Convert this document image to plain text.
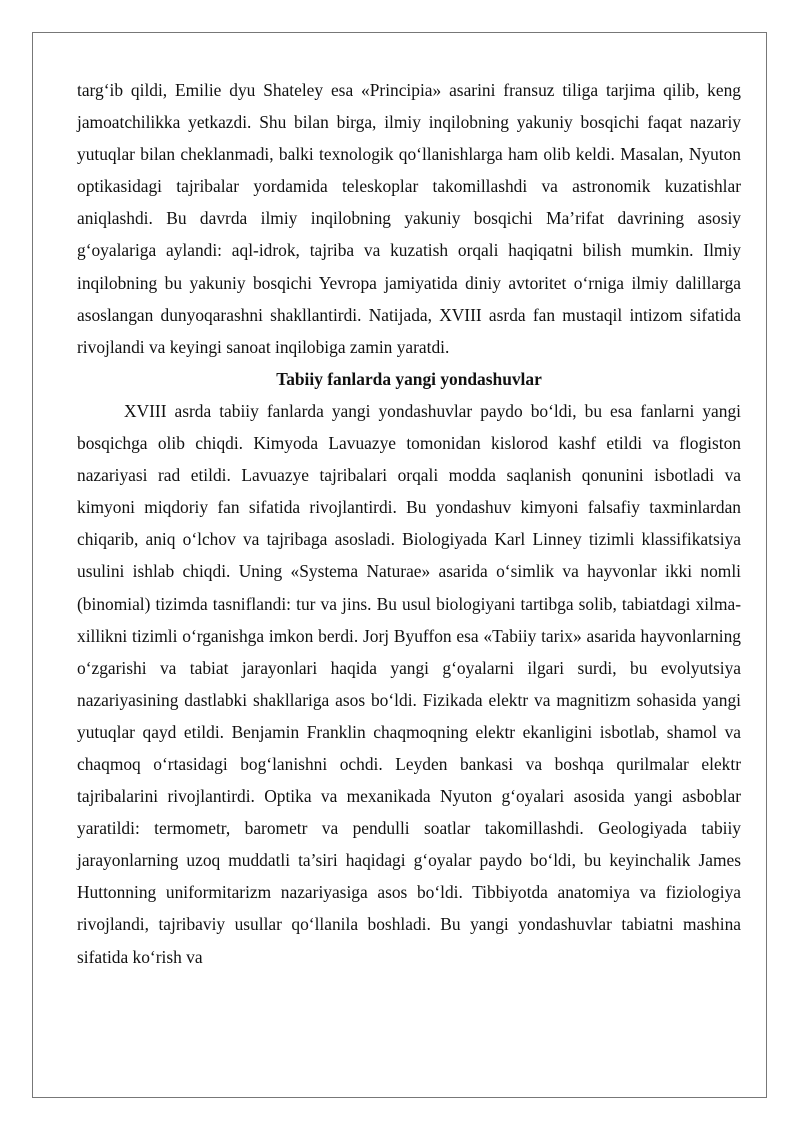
targ‘ib qildi, Emilie dyu Shateley esa «Principia» asarini fransuz tiliga tarjima qilib, keng jamoatchilikka yetkazdi. Shu bilan birga, ilmiy inqilobning yakuniy bosqichi faqat nazariy yutuqlar bilan cheklanmadi, balki texnologik qo‘llanishlarga ham olib keldi. Masalan, Nyuton optikasidagi tajribalar yordamida teleskoplar takomillashdi va astronomik kuzatishlar aniqlashdi. Bu davrda ilmiy inqilobning yakuniy bosqichi Ma’rifat davrining asosiy g‘oyalariga aylandi: aql-idrok, tajriba va kuzatish orqali haqiqatni bilish mumkin. Ilmiy inqilobning bu yakuniy bosqichi Yevropa jamiyatida diniy avtoritet o‘rniga ilmiy dalillarga asoslangan dunyoqarashni shakllantirdi. Natijada, XVIII asrda fan mustaqil intizom sifatida rivojlandi va keyingi sanoat inqilobiga zamin yaratdi.

Tabiiy fanlarda yangi yondashuvlar

XVIII asrda tabiiy fanlarda yangi yondashuvlar paydo bo‘ldi, bu esa fanlarni yangi bosqichga olib chiqdi. Kimyoda Lavuazye tomonidan kislorod kashf etildi va flogiston nazariyasi rad etildi. Lavuazye tajribalari orqali modda saqlanish qonunini isbotladi va kimyoni miqdoriy fan sifatida rivojlantirdi. Bu yondashuv kimyoni falsafiy taxminlardan chiqarib, aniq o‘lchov va tajribaga asosladi. Biologiyada Karl Linney tizimli klassifikatsiya usulini ishlab chiqdi. Uning «Systema Naturae» asarida o‘simlik va hayvonlar ikki nomli (binomial) tizimda tasniflandi: tur va jins. Bu usul biologiyani tartibga solib, tabiatdagi xilma-xillikni tizimli o‘rganishga imkon berdi. Jorj Byuffon esa «Tabiiy tarix» asarida hayvonlarning o‘zgarishi va tabiat jarayonlari haqida yangi g‘oyalarni ilgari surdi, bu evolyutsiya nazariyasining dastlabki shakllariga asos bo‘ldi. Fizikada elektr va magnitizm sohasida yangi yutuqlar qayd etildi. Benjamin Franklin chaqmoqning elektr ekanligini isbotlab, shamol va chaqmoq o‘rtasidagi bog‘lanishni ochdi. Leyden bankasi va boshqa qurilmalar elektr tajribalarini rivojlantirdi. Optika va mexanikada Nyuton g‘oyalari asosida yangi asboblar yaratildi: termometr, barometr va pendulli soatlar takomillashdi. Geologiyada tabiiy jarayonlarning uzoq muddatli ta’siri haqidagi g‘oyalar paydo bo‘ldi, bu keyinchalik James Huttonning uniformitarizm nazariyasiga asos bo‘ldi. Tibbiyotda anatomiya va fiziologiya rivojlandi, tajribaviy usullar qo‘llanila boshladi. Bu yangi yondashuvlar tabiatni mashina sifatida ko‘rish va
